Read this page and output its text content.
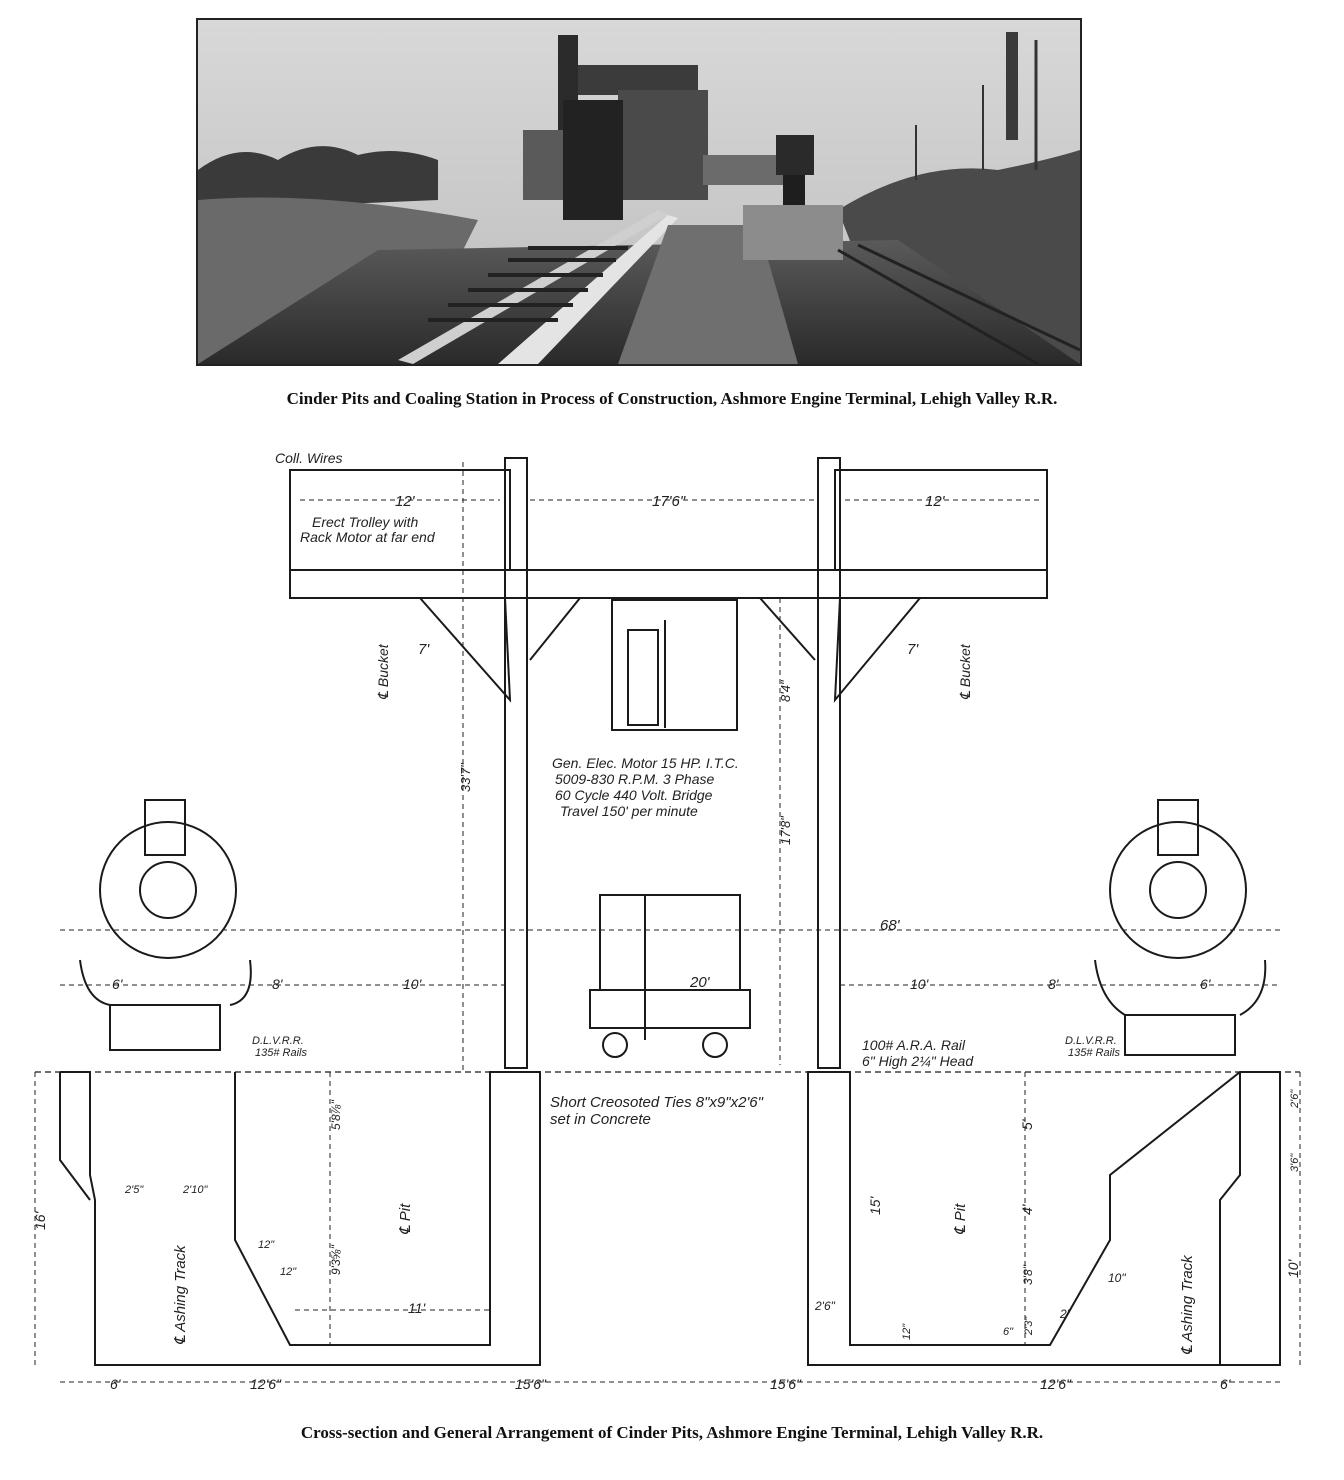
Cinder Pits and Coaling Station in Process of Construction, Ashmore Engine Terminal, Lehigh Valley R.R.
Coll. Wires
Erect Trolley with
Rack Motor at far end
12'	17'6"	12'
7'	7'
℄ Bucket	℄ Bucket
33'7"
8'4"
17'8"
Gen. Elec. Motor 15 HP. I.T.C.
5009-830 R.P.M. 3 Phase
60 Cycle 440 Volt. Bridge
Travel 150' per minute
68'
20'
6'	8'	10'	10'	8'	6'
D.L.V.R.R.
135# Rails
D.L.V.R.R.
135# Rails
100# A.R.A. Rail
6" High 2¼" Head
Short Creosoted Ties 8"x9"x2'6"
set in Concrete
℄ Pit	℄ Pit
℄ Ashing Track	℄ Ashing Track
16'
5'8⅞"
9'3⅝"
2'5"	2'10"
12"
12"
11'
5'
15'	4'
3'8"
2'3"
6"
12"
2'6"
2'
10"
2'6"
3'6"
10'
6'	12'6"	15'6"	15'6"	12'6"	6'
Cross-section and General Arrangement of Cinder Pits, Ashmore Engine Terminal, Lehigh Valley R.R.
